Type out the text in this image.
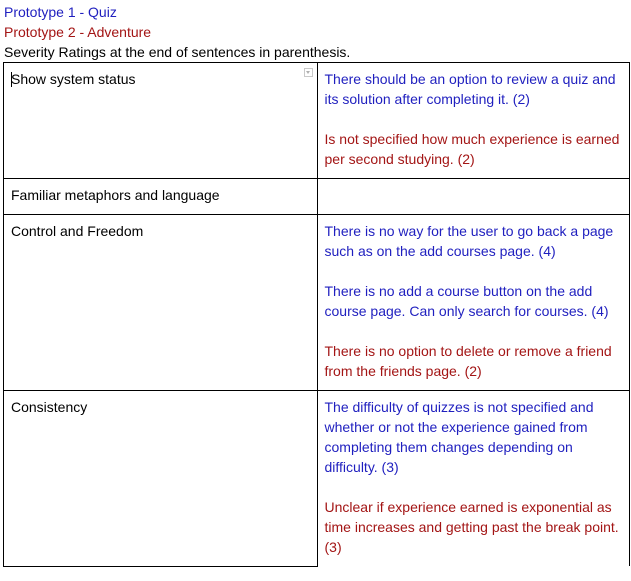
Prototype 1 - Quiz
Prototype 2 - Adventure
Severity Ratings at the end of sentences in parenthesis.
Show system status	There should be an option to review a quiz and its solution after completing it. (2)

Is not specified how much experience is earned per second studying. (2)

Familiar metaphors and language	
Control and Freedom	There is no way for the user to go back a page such as on the add courses page. (4)

There is no add a course button on the add course page. Can only search for courses. (4)

There is no option to delete or remove a friend from the friends page. (2)

Consistency	The difficulty of quizzes is not specified and whether or not the experience gained from completing them changes depending on difficulty. (3)

Unclear if experience earned is exponential as time increases and getting past the break point. (3)
